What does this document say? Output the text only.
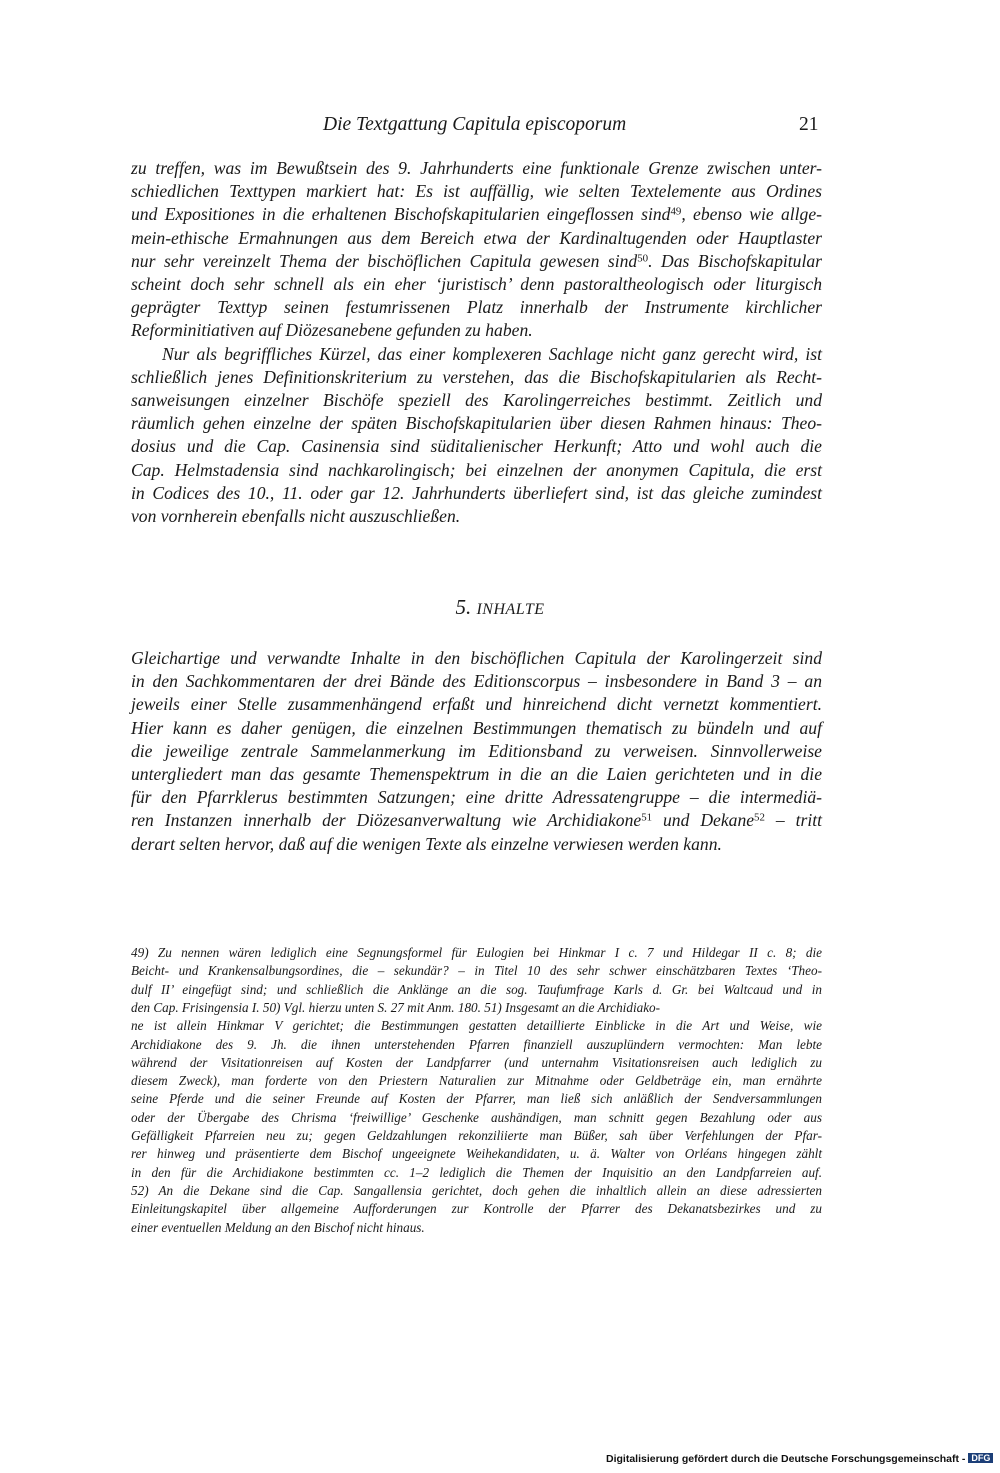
Die Textgattung Capitula episcoporum	21
zu treffen, was im Bewußtsein des 9. Jahrhunderts eine funktionale Grenze zwischen unter-
schiedlichen Texttypen markiert hat: Es ist auffällig, wie selten Textelemente aus Ordines
und Expositiones in die erhaltenen Bischofskapitularien eingeflossen sind$^{49}$, ebenso wie allge-
mein-ethische Ermahnungen aus dem Bereich etwa der Kardinaltugenden oder Hauptlaster
nur sehr vereinzelt Thema der bischöflichen Capitula gewesen sind$^{50}$. Das Bischofskapitular
scheint doch sehr schnell als ein eher ‘juristisch’ denn pastoraltheologisch oder liturgisch
geprägter Texttyp seinen festumrissenen Platz innerhalb der Instrumente kirchlicher
Reforminitiativen auf Diözesanebene gefunden zu haben.
Nur als begriffliches Kürzel, das einer komplexeren Sachlage nicht ganz gerecht wird, ist
schließlich jenes Definitionskriterium zu verstehen, das die Bischofskapitularien als Recht-
sanweisungen einzelner Bischöfe speziell des Karolingerreiches bestimmt. Zeitlich und
räumlich gehen einzelne der späten Bischofskapitularien über diesen Rahmen hinaus: Theo-
dosius und die Cap. Casinensia sind süditalienischer Herkunft; Atto und wohl auch die
Cap. Helmstadensia sind nachkarolingisch; bei einzelnen der anonymen Capitula, die erst
in Codices des 10., 11. oder gar 12. Jahrhunderts überliefert sind, ist das gleiche zumindest
von vornherein ebenfalls nicht auszuschließen.
5. INHALTE
Gleichartige und verwandte Inhalte in den bischöflichen Capitula der Karolingerzeit sind
in den Sachkommentaren der drei Bände des Editionscorpus – insbesondere in Band 3 – an
jeweils einer Stelle zusammenhängend erfaßt und hinreichend dicht vernetzt kommentiert.
Hier kann es daher genügen, die einzelnen Bestimmungen thematisch zu bündeln und auf
die jeweilige zentrale Sammelanmerkung im Editionsband zu verweisen. Sinnvollerweise
untergliedert man das gesamte Themenspektrum in die an die Laien gerichteten und in die
für den Pfarrklerus bestimmten Satzungen; eine dritte Adressatengruppe – die intermediä-
ren Instanzen innerhalb der Diözesanverwaltung wie Archidiakone$^{51}$ und Dekane$^{52}$ – tritt
derart selten hervor, daß auf die wenigen Texte als einzelne verwiesen werden kann.
49) Zu nennen wären lediglich eine Segnungsformel für Eulogien bei Hinkmar I c. 7 und Hildegar II c. 8; die
Beicht- und Krankensalbungsordines, die – sekundär? – in Titel 10 des sehr schwer einschätzbaren Textes ‘Theo-
dulf II’ eingefügt sind; und schließlich die Anklänge an die sog. Taufumfrage Karls d. Gr. bei Waltcaud und in
den Cap. Frisingensia I. 50) Vgl. hierzu unten S. 27 mit Anm. 180. 51) Insgesamt an die Archidiako-
ne ist allein Hinkmar V gerichtet; die Bestimmungen gestatten detaillierte Einblicke in die Art und Weise, wie
Archidiakone des 9. Jh. die ihnen unterstehenden Pfarren finanziell auszuplündern vermochten: Man lebte
während der Visitationreisen auf Kosten der Landpfarrer (und unternahm Visitationsreisen auch lediglich zu
diesem Zweck), man forderte von den Priestern Naturalien zur Mitnahme oder Geldbeträge ein, man ernährte
seine Pferde und die seiner Freunde auf Kosten der Pfarrer, man ließ sich anläßlich der Sendversammlungen
oder der Übergabe des Chrisma ‘freiwillige’ Geschenke aushändigen, man schnitt gegen Bezahlung oder aus
Gefälligkeit Pfarreien neu zu; gegen Geldzahlungen rekonziliierte man Büßer, sah über Verfehlungen der Pfar-
rer hinweg und präsentierte dem Bischof ungeeignete Weihekandidaten, u. ä. Walter von Orléans hingegen zählt
in den für die Archidiakone bestimmten cc. 1–2 lediglich die Themen der Inquisitio an den Landpfarreien auf.
52) An die Dekane sind die Cap. Sangallensia gerichtet, doch gehen die inhaltlich allein an diese adressierten
Einleitungskapitel über allgemeine Aufforderungen zur Kontrolle der Pfarrer des Dekanatsbezirkes und zu
einer eventuellen Meldung an den Bischof nicht hinaus.
Digitalisierung gefördert durch die Deutsche Forschungsgemeinschaft - DFG
